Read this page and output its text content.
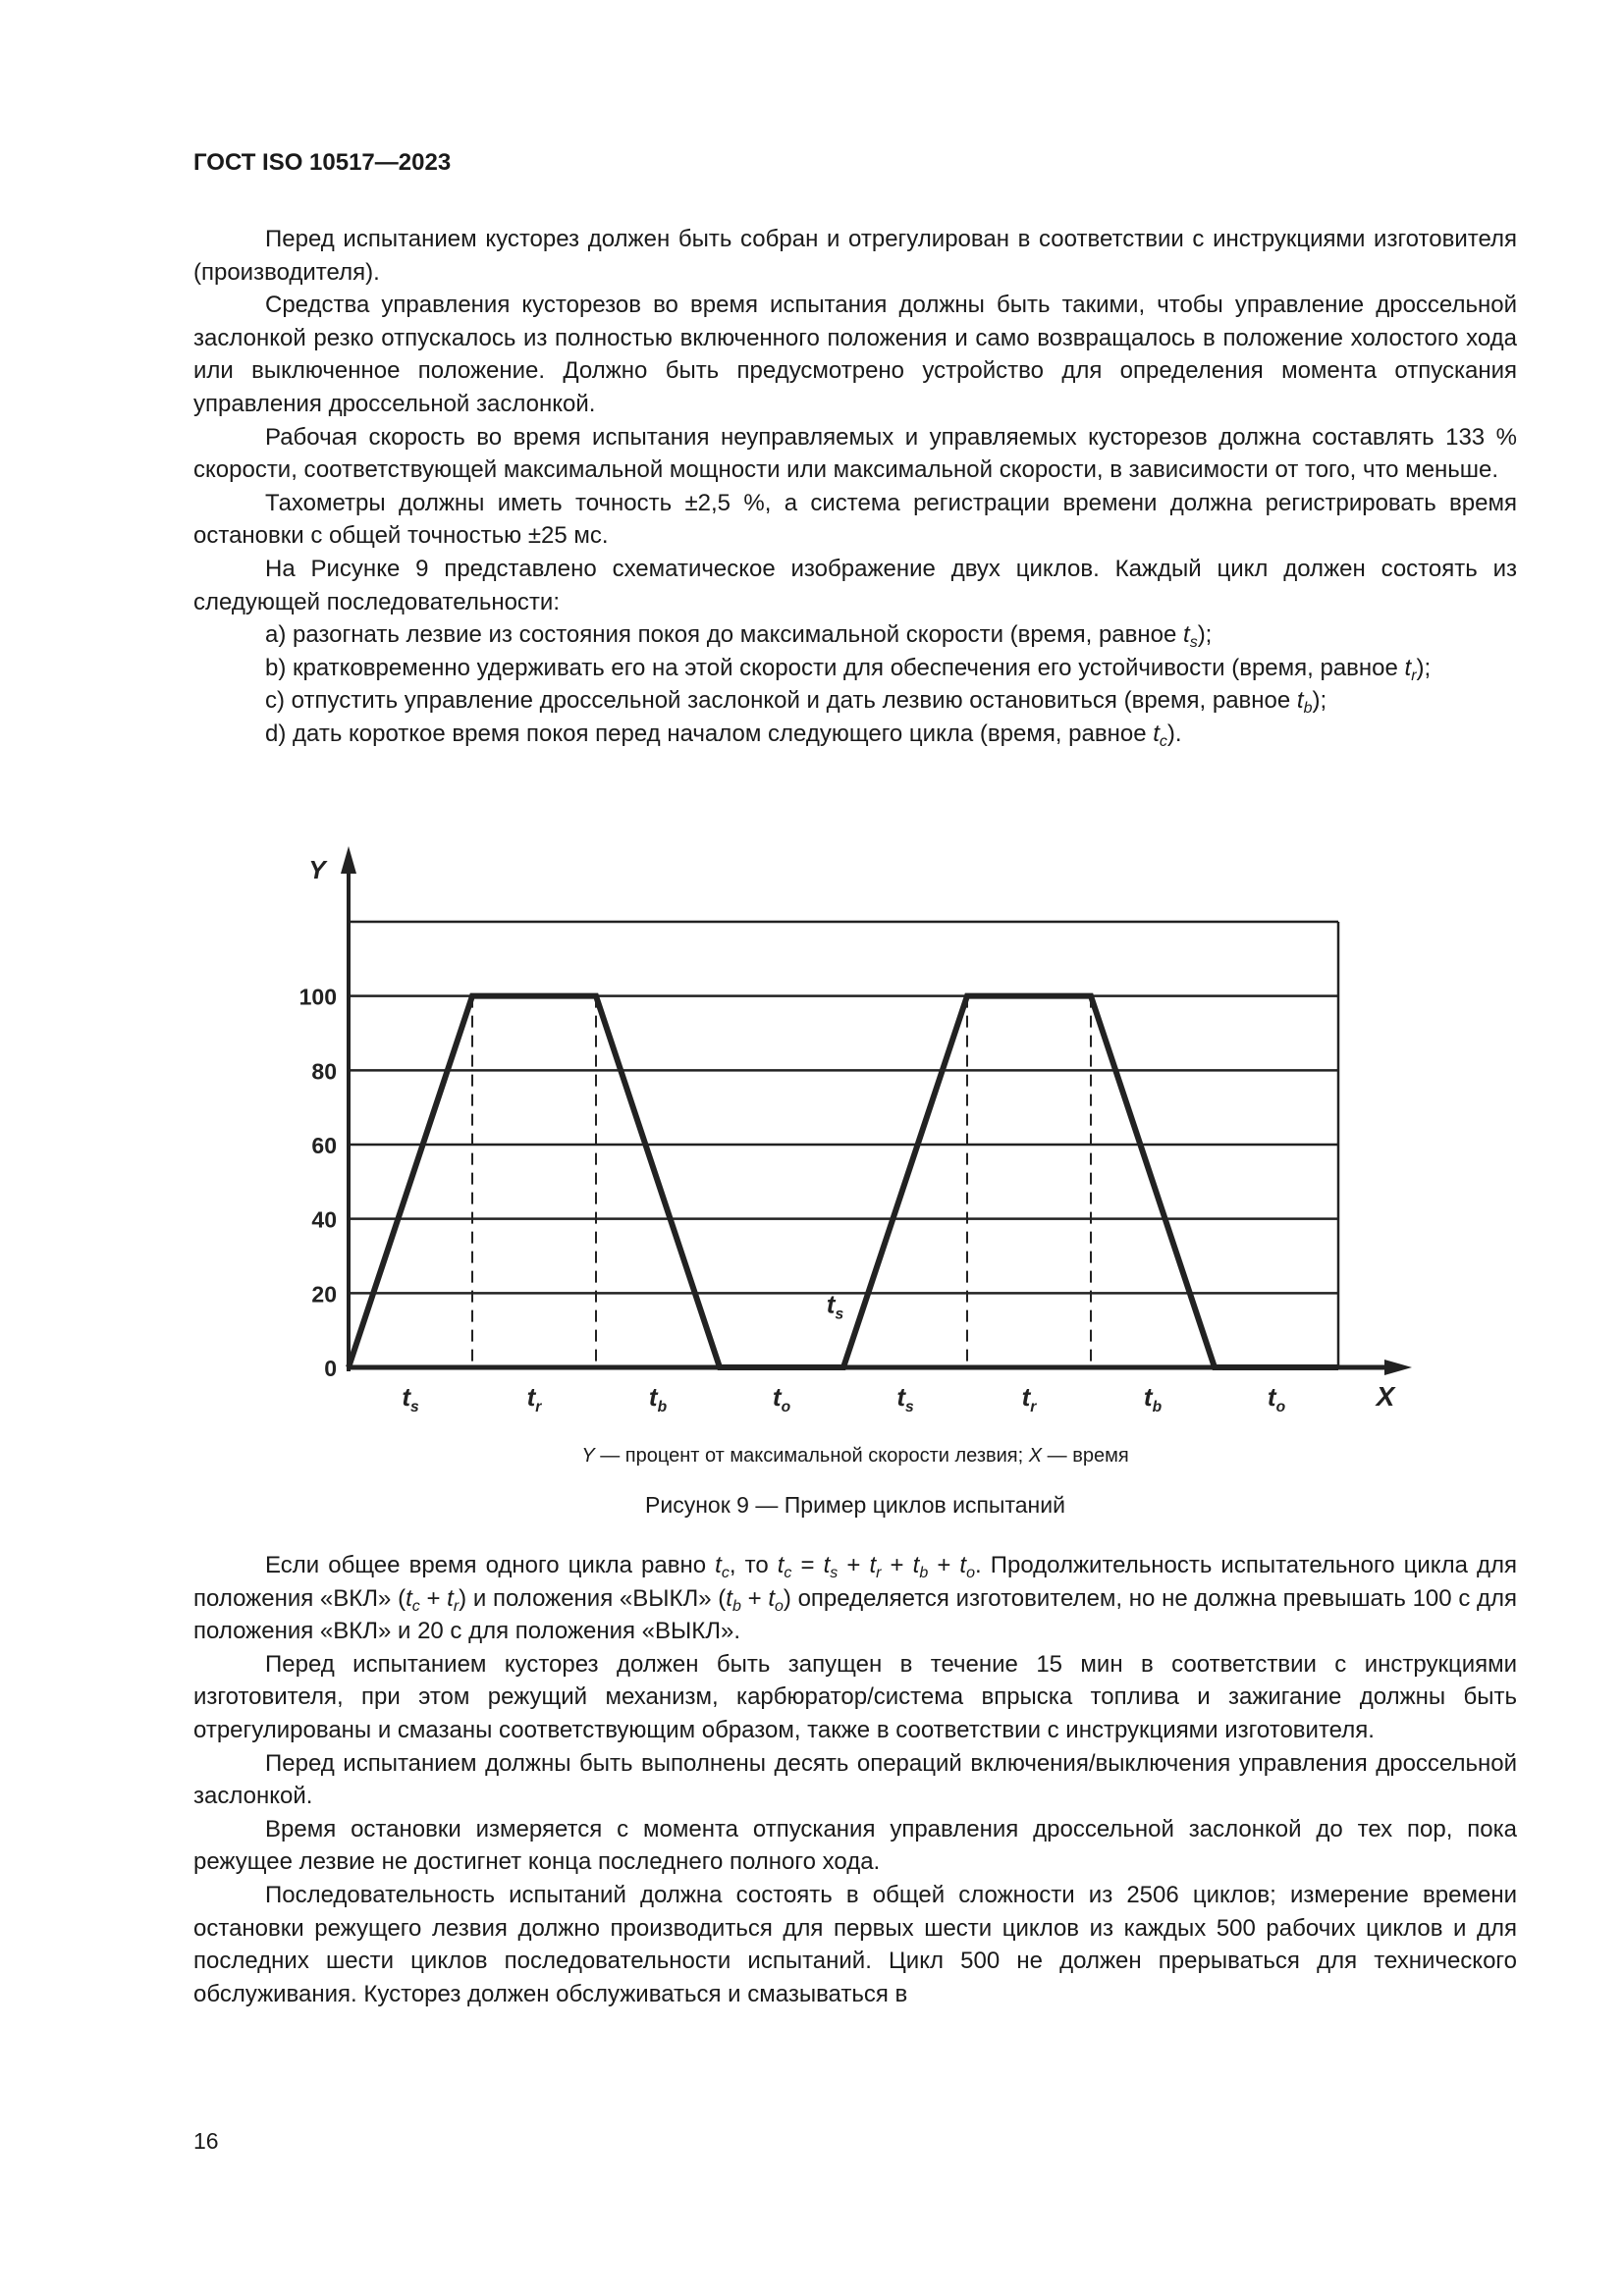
ГОСТ ISO 10517—2023

Перед испытанием кусторез должен быть собран и отрегулирован в соответствии с инструкциями изготовителя (производителя).

Средства управления кусторезов во время испытания должны быть такими, чтобы управление дроссельной заслонкой резко отпускалось из полностью включенного положения и само возвращалось в положение холостого хода или выключенное положение. Должно быть предусмотрено устройство для определения момента отпускания управления дроссельной заслонкой.

Рабочая скорость во время испытания неуправляемых и управляемых кусторезов должна составлять 133 % скорости, соответствующей максимальной мощности или максимальной скорости, в зависимости от того, что меньше.

Тахометры должны иметь точность ±2,5 %, а система регистрации времени должна регистрировать время остановки с общей точностью ±25 мс.

На Рисунке 9 представлено схематическое изображение двух циклов. Каждый цикл должен состоять из следующей последовательности:

a) разогнать лезвие из состояния покоя до максимальной скорости (время, равное $t_s$);

b) кратковременно удерживать его на этой скорости для обеспечения его устойчивости (время, равное $t_r$);

c) отпустить управление дроссельной заслонкой и дать лезвию остановиться (время, равное $t_b$);

d) дать короткое время покоя перед началом следующего цикла (время, равное $t_c$).

0
20
40
60
80
100
Y
X
$t_s$	$t_r$	$t_b$	$t_o$	$t_s$	$t_r$	$t_b$	$t_o$
$t_s$
Y — процент от максимальной скорости лезвия; X — время
Рисунок 9 — Пример циклов испытаний

Если общее время одного цикла равно $t_c$, то $t_c = t_s + t_r + t_b + t_o$. Продолжительность испытательного цикла для положения «ВКЛ» $(t_c + t_r)$ и положения «ВЫКЛ» $(t_b + t_o)$ определяется изготовителем, но не должна превышать 100 с для положения «ВКЛ» и 20 с для положения «ВЫКЛ».

Перед испытанием кусторез должен быть запущен в течение 15 мин в соответствии с инструкциями изготовителя, при этом режущий механизм, карбюратор/система впрыска топлива и зажигание должны быть отрегулированы и смазаны соответствующим образом, также в соответствии с инструкциями изготовителя.

Перед испытанием должны быть выполнены десять операций включения/выключения управления дроссельной заслонкой.

Время остановки измеряется с момента отпускания управления дроссельной заслонкой до тех пор, пока режущее лезвие не достигнет конца последнего полного хода.

Последовательность испытаний должна состоять в общей сложности из 2506 циклов; измерение времени остановки режущего лезвия должно производиться для первых шести циклов из каждых 500 рабочих циклов и для последних шести циклов последовательности испытаний. Цикл 500 не должен прерываться для технического обслуживания. Кусторез должен обслуживаться и смазываться в

16
